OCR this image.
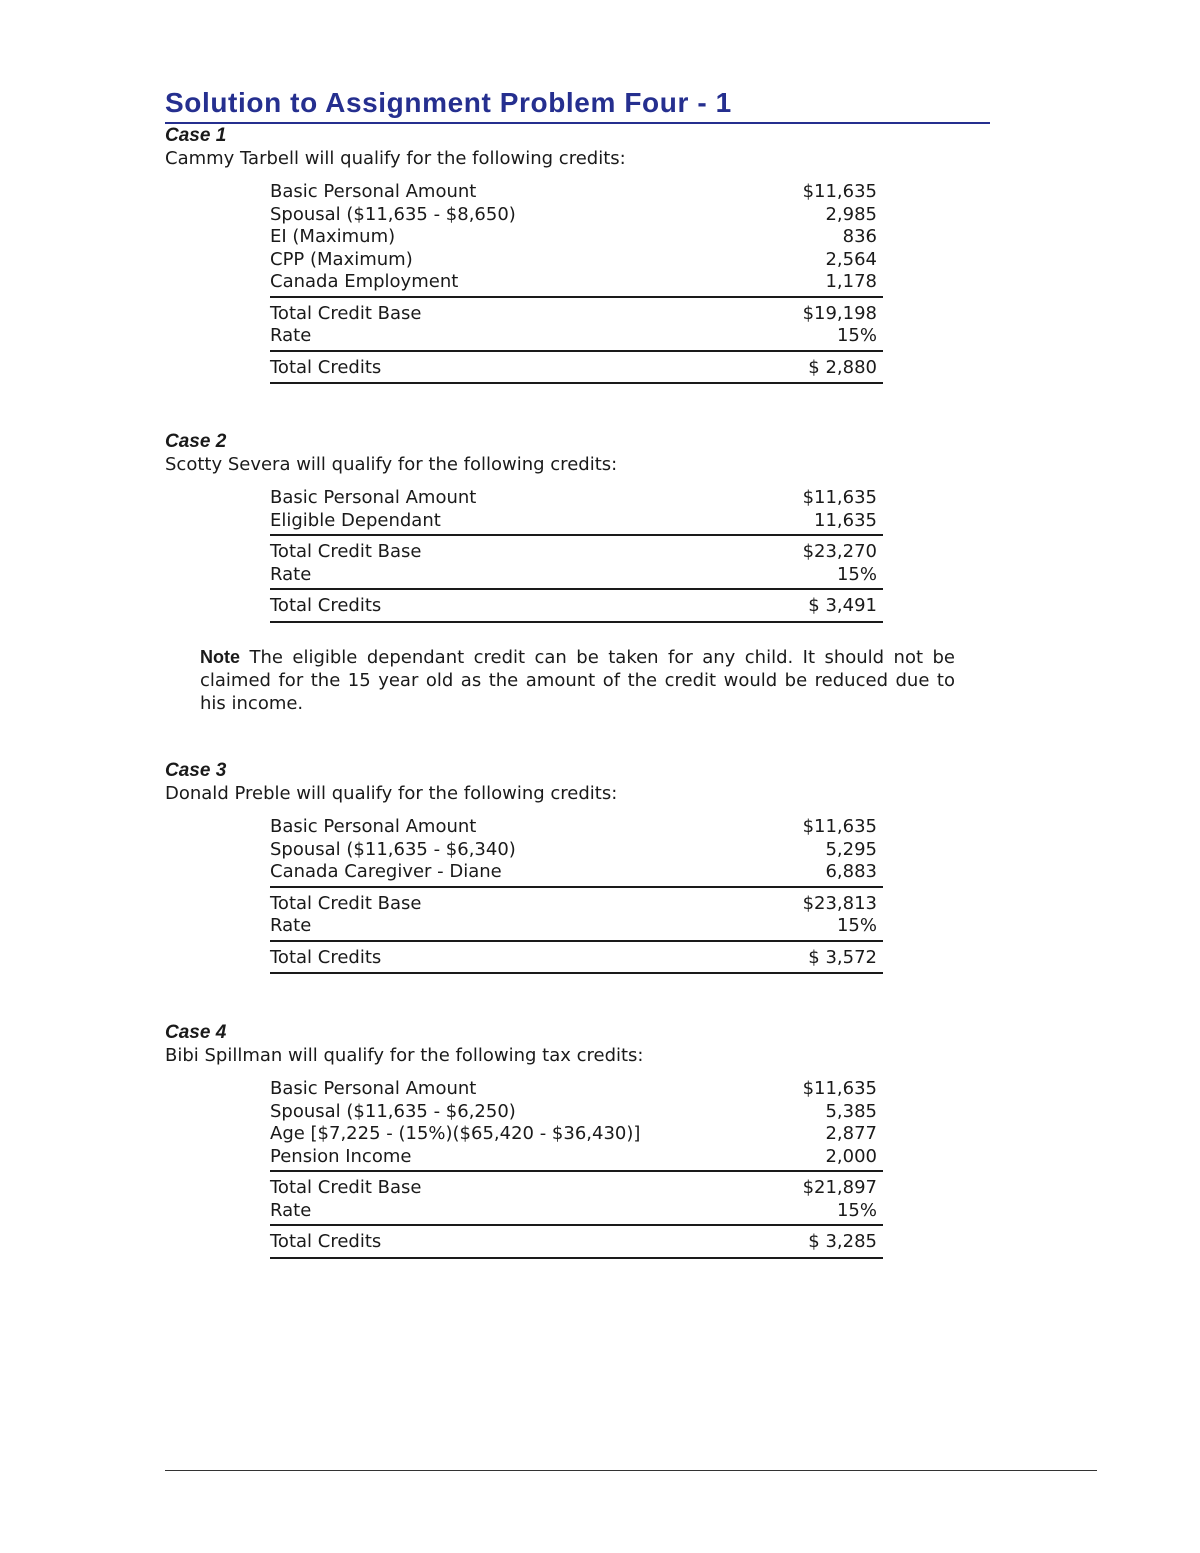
Solution to Assignment Problem Four - 1
Case 1

Cammy Tarbell will qualify for the following credits:

Basic Personal Amount	$11,635
Spousal ($11,635 - $8,650)	2,985
EI (Maximum)	836
CPP (Maximum)	2,564
Canada Employment	1,178
Total Credit Base	$19,198
Rate	15%
Total Credits	$ 2,880
Case 2

Scotty Severa will qualify for the following credits:

Basic Personal Amount	$11,635
Eligible Dependant	11,635
Total Credit Base	$23,270
Rate	15%
Total Credits	$ 3,491

Note The eligible dependant credit can be taken for any child. It should not be claimed for the 15 year old as the amount of the credit would be reduced due to his income.

Case 3

Donald Preble will qualify for the following credits:

Basic Personal Amount	$11,635
Spousal ($11,635 - $6,340)	5,295
Canada Caregiver - Diane	6,883
Total Credit Base	$23,813
Rate	15%
Total Credits	$ 3,572
Case 4

Bibi Spillman will qualify for the following tax credits:

Basic Personal Amount	$11,635
Spousal ($11,635 - $6,250)	5,385
Age [$7,225 - (15%)($65,420 - $36,430)]	2,877
Pension Income	2,000
Total Credit Base	$21,897
Rate	15%
Total Credits	$ 3,285
